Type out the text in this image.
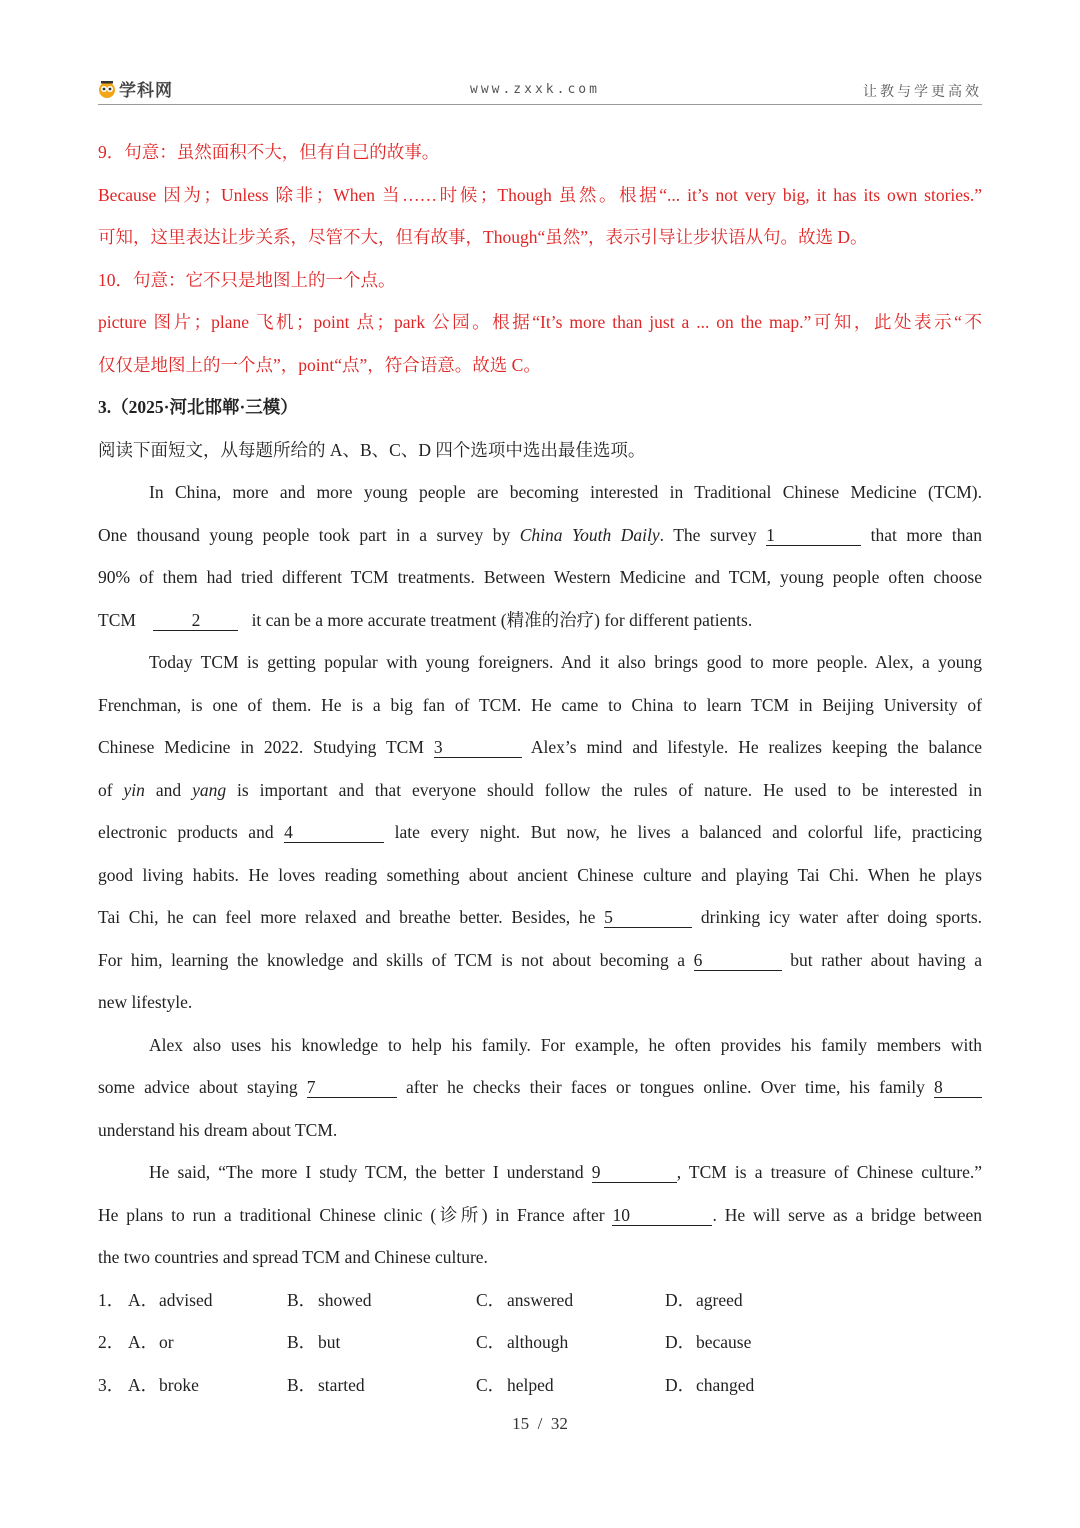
学科网	www.zxxk.com	让教与学更高效
9．句意：虽然面积不大，但有自己的故事。
Because 因为；Unless 除非；When 当……时候；Though 虽然。根据“... it’s not very big, it has its own stories.”
可知，这里表达让步关系，尽管不大，但有故事，Though“虽然”，表示引导让步状语从句。故选 D。
10．句意：它不只是地图上的一个点。
picture 图片；plane 飞机；point 点；park 公园。根据“It’s more than just a ... on the map.”可知，此处表示“不
仅仅是地图上的一个点”，point“点”，符合语意。故选 C。
3.（2025·河北邯郸·三模）
阅读下面短文，从每题所给的 A、B、C、D 四个选项中选出最佳选项。
In China, more and more young people are becoming interested in Traditional Chinese Medicine (TCM).
One thousand young people took part in a survey by China Youth Daily. The survey 1	that more than
90% of them had tried different TCM treatments. Between Western Medicine and TCM, young people often choose
TCM	2	it can be a more accurate treatment (精准的治疗) for different patients.
Today TCM is getting popular with young foreigners. And it also brings good to more people. Alex, a young
Frenchman, is one of them. He is a big fan of TCM. He came to China to learn TCM in Beijing University of
Chinese Medicine in 2022. Studying TCM 3	Alex’s mind and lifestyle. He realizes keeping the balance
of yin and yang is important and that everyone should follow the rules of nature. He used to be interested in
electronic products and 4	late every night. But now, he lives a balanced and colorful life, practicing
good living habits. He loves reading something about ancient Chinese culture and playing Tai Chi. When he plays
Tai Chi, he can feel more relaxed and breathe better. Besides, he 5	drinking icy water after doing sports.
For him, learning the knowledge and skills of TCM is not about becoming a 6	but rather about having a
new lifestyle.
Alex also uses his knowledge to help his family. For example, he often provides his family members with
some advice about staying 7	after he checks their faces or tongues online. Over time, his family 8
understand his dream about TCM.
He said, “The more I study TCM, the better I understand 9	, TCM is a treasure of Chinese culture.”
He plans to run a traditional Chinese clinic (诊所) in France after 10	. He will serve as a bridge between
the two countries and spread TCM and Chinese culture.
1． A．advised	B． showed	C． answered	D．agreed
2． A．or	B． but	C． although	D．because
3． A．broke	B． started	C． helped	D．changed
15 / 32
